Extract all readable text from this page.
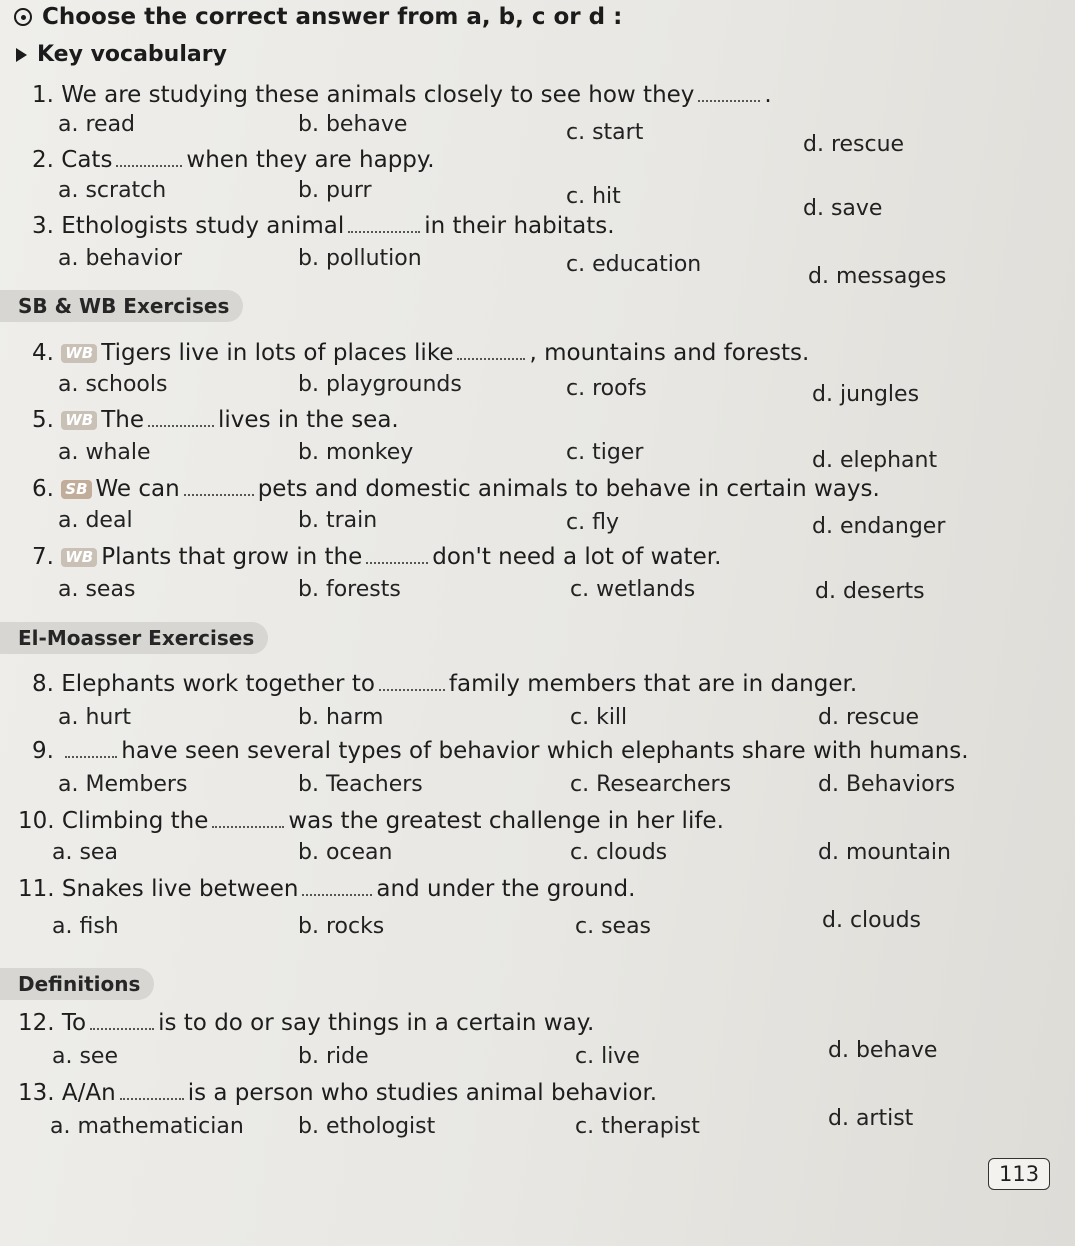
Choose the correct answer from a, b, c or d :
Key vocabulary
SB & WB Exercises
El-Moasser Exercises
Definitions
1. We are studying these animals closely to see how they	.
a. read	b. behave	c. start	d. rescue
2. Cats	when they are happy.
a. scratch	b. purr	c. hit	d. save
3. Ethologists study animal	in their habitats.
a. behavior	b. pollution	c. education	d. messages
4. WB Tigers live in lots of places like	, mountains and forests.
a. schools	b. playgrounds	c. roofs	d. jungles
5. WB The	lives in the sea.
a. whale	b. monkey	c. tiger	d. elephant
6. SB We can	pets and domestic animals to behave in certain ways.
a. deal	b. train	c. fly	d. endanger
7. WB Plants that grow in the	don't need a lot of water.
a. seas	b. forests	c. wetlands	d. deserts
8. Elephants work together to	family members that are in danger.
a. hurt	b. harm	c. kill	d. rescue
9.	have seen several types of behavior which elephants share with humans.
a. Members	b. Teachers	c. Researchers	d. Behaviors
10. Climbing the	was the greatest challenge in her life.
a. sea	b. ocean	c. clouds	d. mountain
11. Snakes live between	and under the ground.
a. fish	b. rocks	c. seas	d. clouds
12. To	is to do or say things in a certain way.
a. see	b. ride	c. live	d. behave
13. A/An	is a person who studies animal behavior.
a. mathematician b. ethologist	c. therapist	d. artist
113
